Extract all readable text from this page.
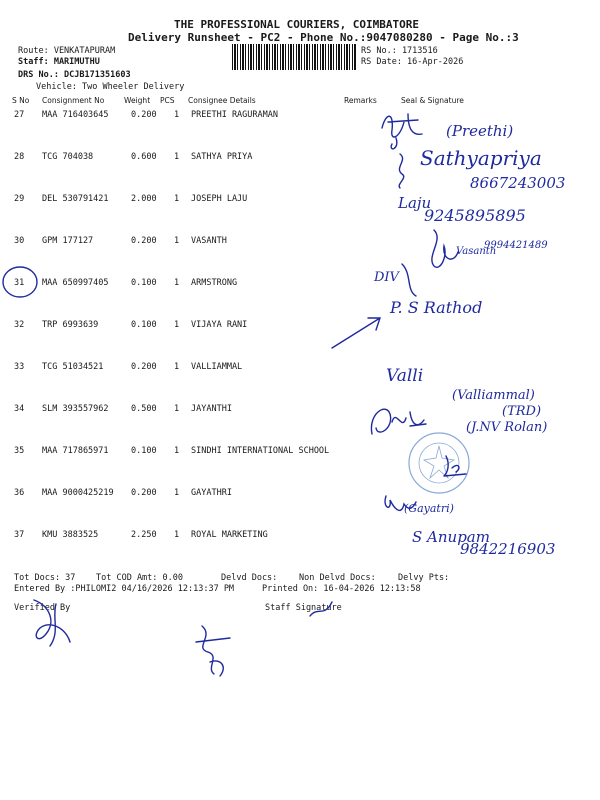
THE PROFESSIONAL COURIERS, COIMBATORE
Delivery Runsheet - PC2 - Phone No.:9047080280 - Page No.:3
Route: VENKATAPURAM
Staff: MARIMUTHU
DRS No.: DCJB171351603
Vehicle: Two Wheeler Delivery
RS No.: 1713516
RS Date: 16-Apr-2026
S No Consignment No	Weight PCS Consignee Details	Remarks	Seal & Signature
27 MAA 716403645	0.200 1 PREETHI RAGURAMAN
28 TCG 704038	0.600 1 SATHYA PRIYA
29 DEL 530791421	2.000 1 JOSEPH LAJU
30 GPM 177127	0.200 1 VASANTH
31 MAA 650997405	0.100 1 ARMSTRONG
32 TRP 6993639	0.100 1 VIJAYA RANI
33 TCG 51034521	0.200 1 VALLIAMMAL
34 SLM 393557962	0.500 1 JAYANTHI
35 MAA 717865971	0.100 1 SINDHI INTERNATIONAL SCHOOL
36 MAA 9000425219 0.200 1 GAYATHRI
37 KMU 3883525	2.250 1 ROYAL MARKETING
(Preethi)
Sathyapriya
8667243003
Laju
9245895895
Vasanth
9994421489
DIV
P. S Rathod
Valli
(Valliammal)
(TRD)
(J.NV Rolan)
(Gayatri)
S Anupam
9842216903
Tot Docs: 37 Tot COD Amt: 0.00	Delvd Docs:	Non Delvd Docs:	Delvy Pts:
Entered By :PHILOMI2 04/16/2026 12:13:37 PM	Printed On: 16-04-2026 12:13:58
Verified By	Staff Signature
